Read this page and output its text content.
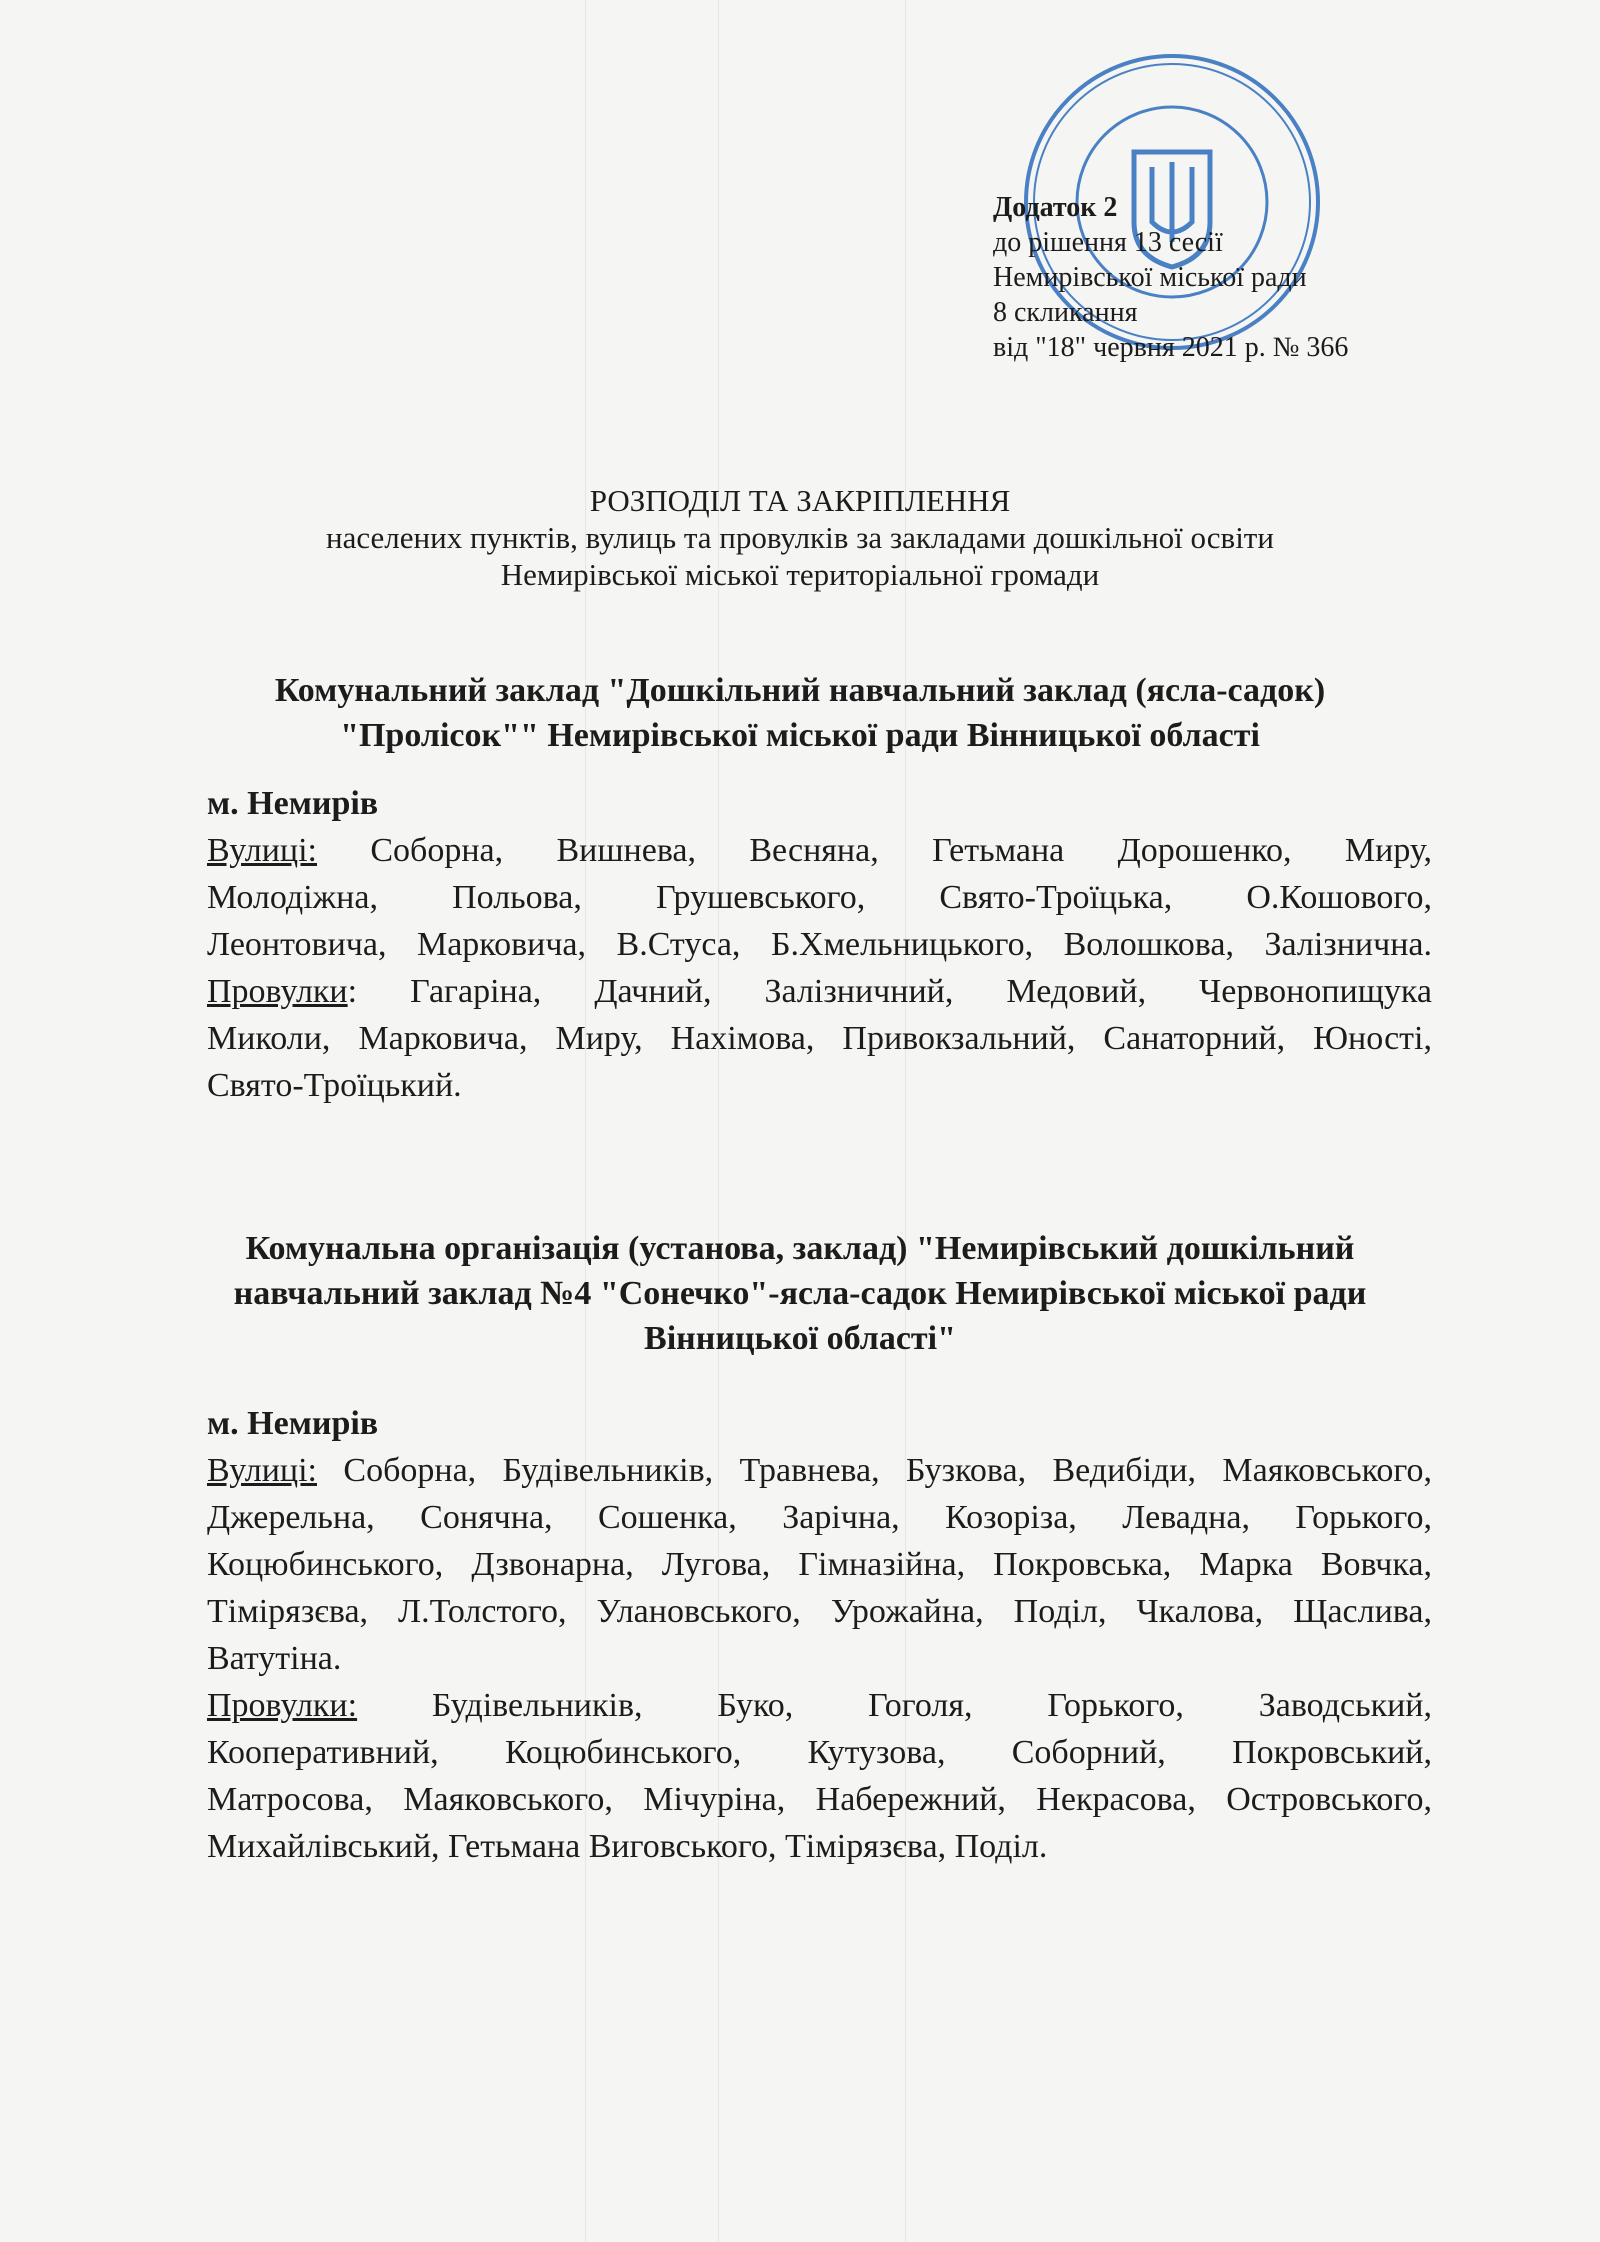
Додаток 2
до рішення 13 сесії
Немирівської міської ради
8 скликання
від "18" червня 2021 р. № 366
РОЗПОДІЛ ТА ЗАКРІПЛЕННЯ
населених пунктів, вулиць та провулків за закладами дошкільної освіти
Немирівської міської територіальної громади
Комунальний заклад "Дошкільний навчальний заклад (ясла-садок)
"Пролісок"" Немирівської міської ради Вінницької області
м. Немирів
Вулиці: Соборна, Вишнева, Весняна, Гетьмана Дорошенко, Миру,
Молодіжна, Польова, Грушевського, Свято-Троїцька, О.Кошового,
Леонтовича, Марковича, В.Стуса, Б.Хмельницького, Волошкова, Залізнична.
Провулки: Гагаріна, Дачний, Залізничний, Медовий, Червонопищука
Миколи, Марковича, Миру, Нахімова, Привокзальний, Санаторний, Юності,
Свято-Троїцький.
Комунальна організація (установа, заклад) "Немирівський дошкільний
навчальний заклад №4 "Сонечко"-ясла-садок Немирівської міської ради
Вінницької області"
м. Немирів
Вулиці: Соборна, Будівельників, Травнева, Бузкова, Ведибіди, Маяковського,
Джерельна, Сонячна, Сошенка, Зарічна, Козоріза, Левадна, Горького,
Коцюбинського, Дзвонарна, Лугова, Гімназійна, Покровська, Марка Вовчка,
Тімірязєва, Л.Толстого, Улановського, Урожайна, Поділ, Чкалова, Щаслива,
Ватутіна.
Провулки: Будівельників, Буко, Гоголя, Горького, Заводський,
Кооперативний, Коцюбинського, Кутузова, Соборний, Покровський,
Матросова, Маяковського, Мічуріна, Набережний, Некрасова, Островського,
Михайлівський, Гетьмана Виговського, Тімірязєва, Поділ.
